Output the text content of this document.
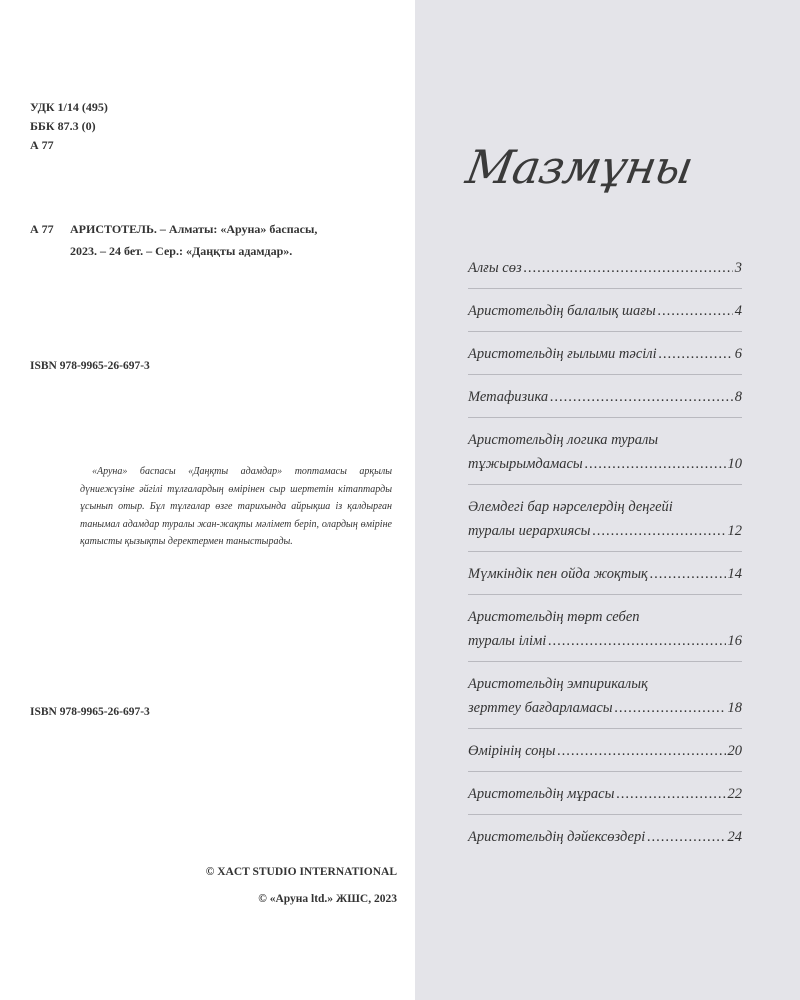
УДК 1/14 (495)
ББК 87.3 (0)
А 77
А 77	АРИСТОТЕЛЬ. – Алматы: «Аруна» баспасы,
2023. – 24 бет. – Сер.: «Даңқты адамдар».
ISBN 978-9965-26-697-3

«Аруна» баспасы «Даңқты адамдар» топтамасы арқылы дүниежүзіне әйгілі тұлғалардың өмірінен сыр шертетін кітаптарды ұсынып отыр. Бұл тұлғалар өзге тарихында айрықша із қалдырған танымал адамдар туралы жан-жақты мәлімет беріп, олардың өміріне қатысты қызықты деректермен таныстырады.

ISBN 978-9965-26-697-3
© XACT STUDIO INTERNATIONAL
© «Аруна ltd.» ЖШС, 2023
Мазмұны
Алғы сөз .....	3
Аристотельдің балалық шағы .....	4
Аристотельдің ғылыми тәсілі .....	6
Метафизика .....	8
Аристотельдің логика туралы
тұжырымдамасы .....	10
Әлемдегі бар нәрселердің деңгейі
туралы иерархиясы .....	12
Мүмкіндік пен ойда жоқтық .....	14
Аристотельдің төрт себеп
туралы ілімі .....	16
Аристотельдің эмпирикалық
зерттеу бағдарламасы .....	18
Өмірінің соңы .....	20
Аристотельдің мұрасы .....	22
Аристотельдің дәйексөздері .....	24
